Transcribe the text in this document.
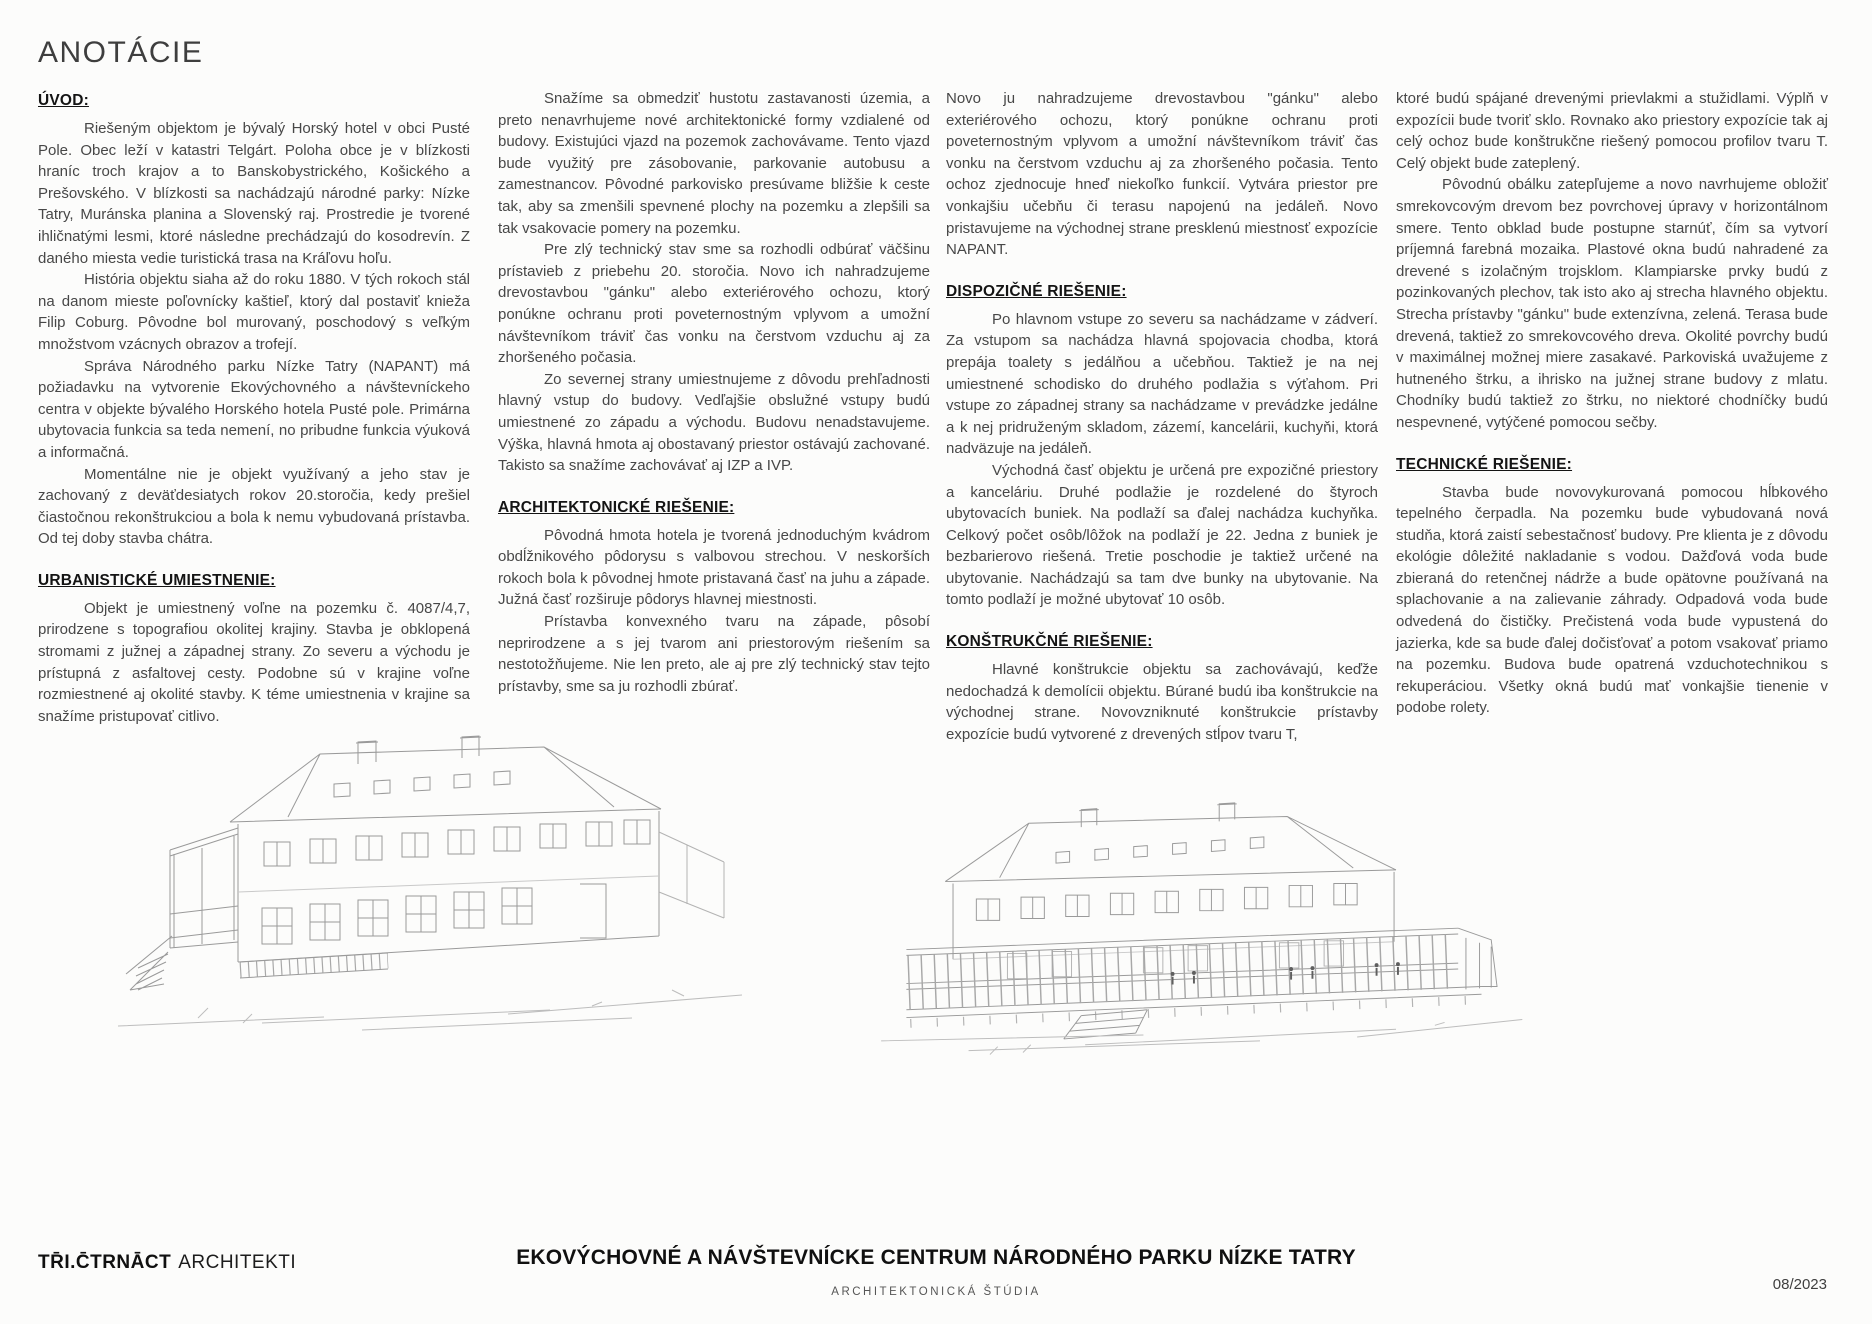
ANOTÁCIE
ÚVOD:

Riešeným objektom je bývalý Horský hotel v obci Pusté Pole. Obec leží v katastri Telgárt. Poloha obce je v blízkosti hraníc troch krajov a to Banskobystrického, Košického a Prešovského. V blízkosti sa nachádzajú národné parky: Nízke Tatry, Muránska planina a Slovenský raj. Prostredie je tvorené ihličnatými lesmi, ktoré následne prechádzajú do kosodrevín. Z daného miesta vedie turistická trasa na Kráľovu hoľu.

História objektu siaha až do roku 1880. V tých rokoch stál na danom mieste poľovnícky kaštieľ, ktorý dal postaviť knieža Filip Coburg. Pôvodne bol murovaný, poschodový s veľkým množstvom vzácnych obrazov a trofejí.

Správa Národného parku Nízke Tatry (NAPANT) má požiadavku na vytvorenie Ekovýchovného a návštevníckeho centra v objekte bývalého Horského hotela Pusté pole. Primárna ubytovacia funkcia sa teda nemení, no pribudne funkcia výuková a informačná.

Momentálne nie je objekt využívaný a jeho stav je zachovaný z deväťdesiatych rokov 20.storočia, kedy prešiel čiastočnou rekonštrukciou a bola k nemu vybudovaná prístavba. Od tej doby stavba chátra.

URBANISTICKÉ UMIESTNENIE:

Objekt je umiestnený voľne na pozemku č. 4087/4,7, prirodzene s topografiou okolitej krajiny. Stavba je obklopená stromami z južnej a západnej strany. Zo severu a východu je prístupná z asfaltovej cesty. Podobne sú v krajine voľne rozmiestnené aj okolité stavby. K téme umiestnenia v krajine sa snažíme pristupovať citlivo.

Snažíme sa obmedziť hustotu zastavanosti územia, a preto nenavrhujeme nové architektonické formy vzdialené od budovy. Existujúci vjazd na pozemok zachovávame. Tento vjazd bude využitý pre zásobovanie, parkovanie autobusu a zamestnancov. Pôvodné parkovisko presúvame bližšie k ceste tak, aby sa zmenšili spevnené plochy na pozemku a zlepšili sa tak vsakovacie pomery na pozemku.

Pre zlý technický stav sme sa rozhodli odbúrať väčšinu prístavieb z priebehu 20. storočia. Novo ich nahradzujeme drevostavbou "gánku" alebo exteriérového ochozu, ktorý ponúkne ochranu proti poveternostným vplyvom a umožní návštevníkom tráviť čas vonku na čerstvom vzduchu aj za zhoršeného počasia.

Zo severnej strany umiestnujeme z dôvodu prehľadnosti hlavný vstup do budovy. Vedľajšie obslužné vstupy budú umiestnené zo západu a východu. Budovu nenadstavujeme. Výška, hlavná hmota aj obostavaný priestor ostávajú zachované. Takisto sa snažíme zachovávať aj IZP a IVP.

ARCHITEKTONICKÉ RIEŠENIE:

Pôvodná hmota hotela je tvorená jednoduchým kvádrom obdĺžnikového pôdorysu s valbovou strechou. V neskorších rokoch bola k pôvodnej hmote pristavaná časť na juhu a západe. Južná časť rozširuje pôdorys hlavnej miestnosti.

Prístavba konvexného tvaru na západe, pôsobí neprirodzene a s jej tvarom ani priestorovým riešením sa nestotožňujeme. Nie len preto, ale aj pre zlý technický stav tejto prístavby, sme sa ju rozhodli zbúrať.

Novo ju nahradzujeme drevostavbou "gánku" alebo exteriérového ochozu, ktorý ponúkne ochranu proti poveternostným vplyvom a umožní návštevníkom tráviť čas vonku na čerstvom vzduchu aj za zhoršeného počasia. Tento ochoz zjednocuje hneď niekoľko funkcií. Vytvára priestor pre vonkajšiu učebňu či terasu napojenú na jedáleň. Novo pristavujeme na východnej strane presklenú miestnosť expozície NAPANT.

DISPOZIČNÉ RIEŠENIE:

Po hlavnom vstupe zo severu sa nachádzame v zádverí. Za vstupom sa nachádza hlavná spojovacia chodba, ktorá prepája toalety s jedálňou a učebňou. Taktiež je na nej umiestnené schodisko do druhého podlažia s výťahom. Pri vstupe zo západnej strany sa nachádzame v prevádzke jedálne a k nej pridruženým skladom, zázemí, kancelárii, kuchyňi, ktorá nadväzuje na jedáleň.

Východná časť objektu je určená pre expozičné priestory a kanceláriu. Druhé podlažie je rozdelené do štyroch ubytovacích buniek. Na podlaží sa ďalej nachádza kuchyňka. Celkový počet osôb/lôžok na podlaží je 22. Jedna z buniek je bezbarierovo riešená. Tretie poschodie je taktiež určené na ubytovanie. Nachádzajú sa tam dve bunky na ubytovanie. Na tomto podlaží je možné ubytovať 10 osôb.

KONŠTRUKČNÉ RIEŠENIE:

Hlavné konštrukcie objektu sa zachovávajú, keďže nedochadzá k demolícii objektu. Búrané budú iba konštrukcie na východnej strane. Novovzniknuté konštrukcie prístavby expozície budú vytvorené z drevených stĺpov tvaru T,

ktoré budú spájané drevenými prievlakmi a stužidlami. Výplň v expozícii bude tvoriť sklo. Rovnako ako priestory expozície tak aj celý ochoz bude konštrukčne riešený pomocou profilov tvaru T. Celý objekt bude zateplený.

Pôvodnú obálku zatepľujeme a novo navrhujeme obložiť smrekovcovým drevom bez povrchovej úpravy v horizontálnom smere. Tento obklad bude postupne starnúť, čím sa vytvorí príjemná farebná mozaika. Plastové okna budú nahradené za drevené s izolačným trojsklom. Klampiarske prvky budú z pozinkovaných plechov, tak isto ako aj strecha hlavného objektu. Strecha prístavby "gánku" bude extenzívna, zelená. Terasa bude drevená, taktiež zo smrekovcového dreva. Okolité povrchy budú v maximálnej možnej miere zasakavé. Parkoviská uvažujeme z hutneného štrku, a ihrisko na južnej strane budovy z mlatu. Chodníky budú taktiež zo štrku, no niektoré chodníčky budú nespevnené, vytýčené pomocou sečby.

TECHNICKÉ RIEŠENIE:

Stavba bude novovykurovaná pomocou hĺbkového tepelného čerpadla. Na pozemku bude vybudovaná nová studňa, ktorá zaistí sebestačnosť budovy. Pre klienta je z dôvodu ekológie dôležité nakladanie s vodou. Dažďová voda bude zbieraná do retenčnej nádrže a bude opätovne používaná na splachovanie a na zalievanie záhrady. Odpadová voda bude odvedená do čističky. Prečistená voda bude vypustená do jazierka, kde sa bude ďalej dočisťovať a potom vsakovať priamo na pozemku. Budova bude opatrená vzduchotechnikou s rekuperáciou. Všetky okná budú mať vonkajšie tienenie v podobe rolety.

TR̄I.C̄TRNĀCT ARCHITEKTI	EKOVÝCHOVNÉ A NÁVŠTEVNÍCKE CENTRUM NÁRODNÉHO PARKU NÍZKE TATRY
ARCHITEKTONICKÁ ŠTÚDIA	08/2023
